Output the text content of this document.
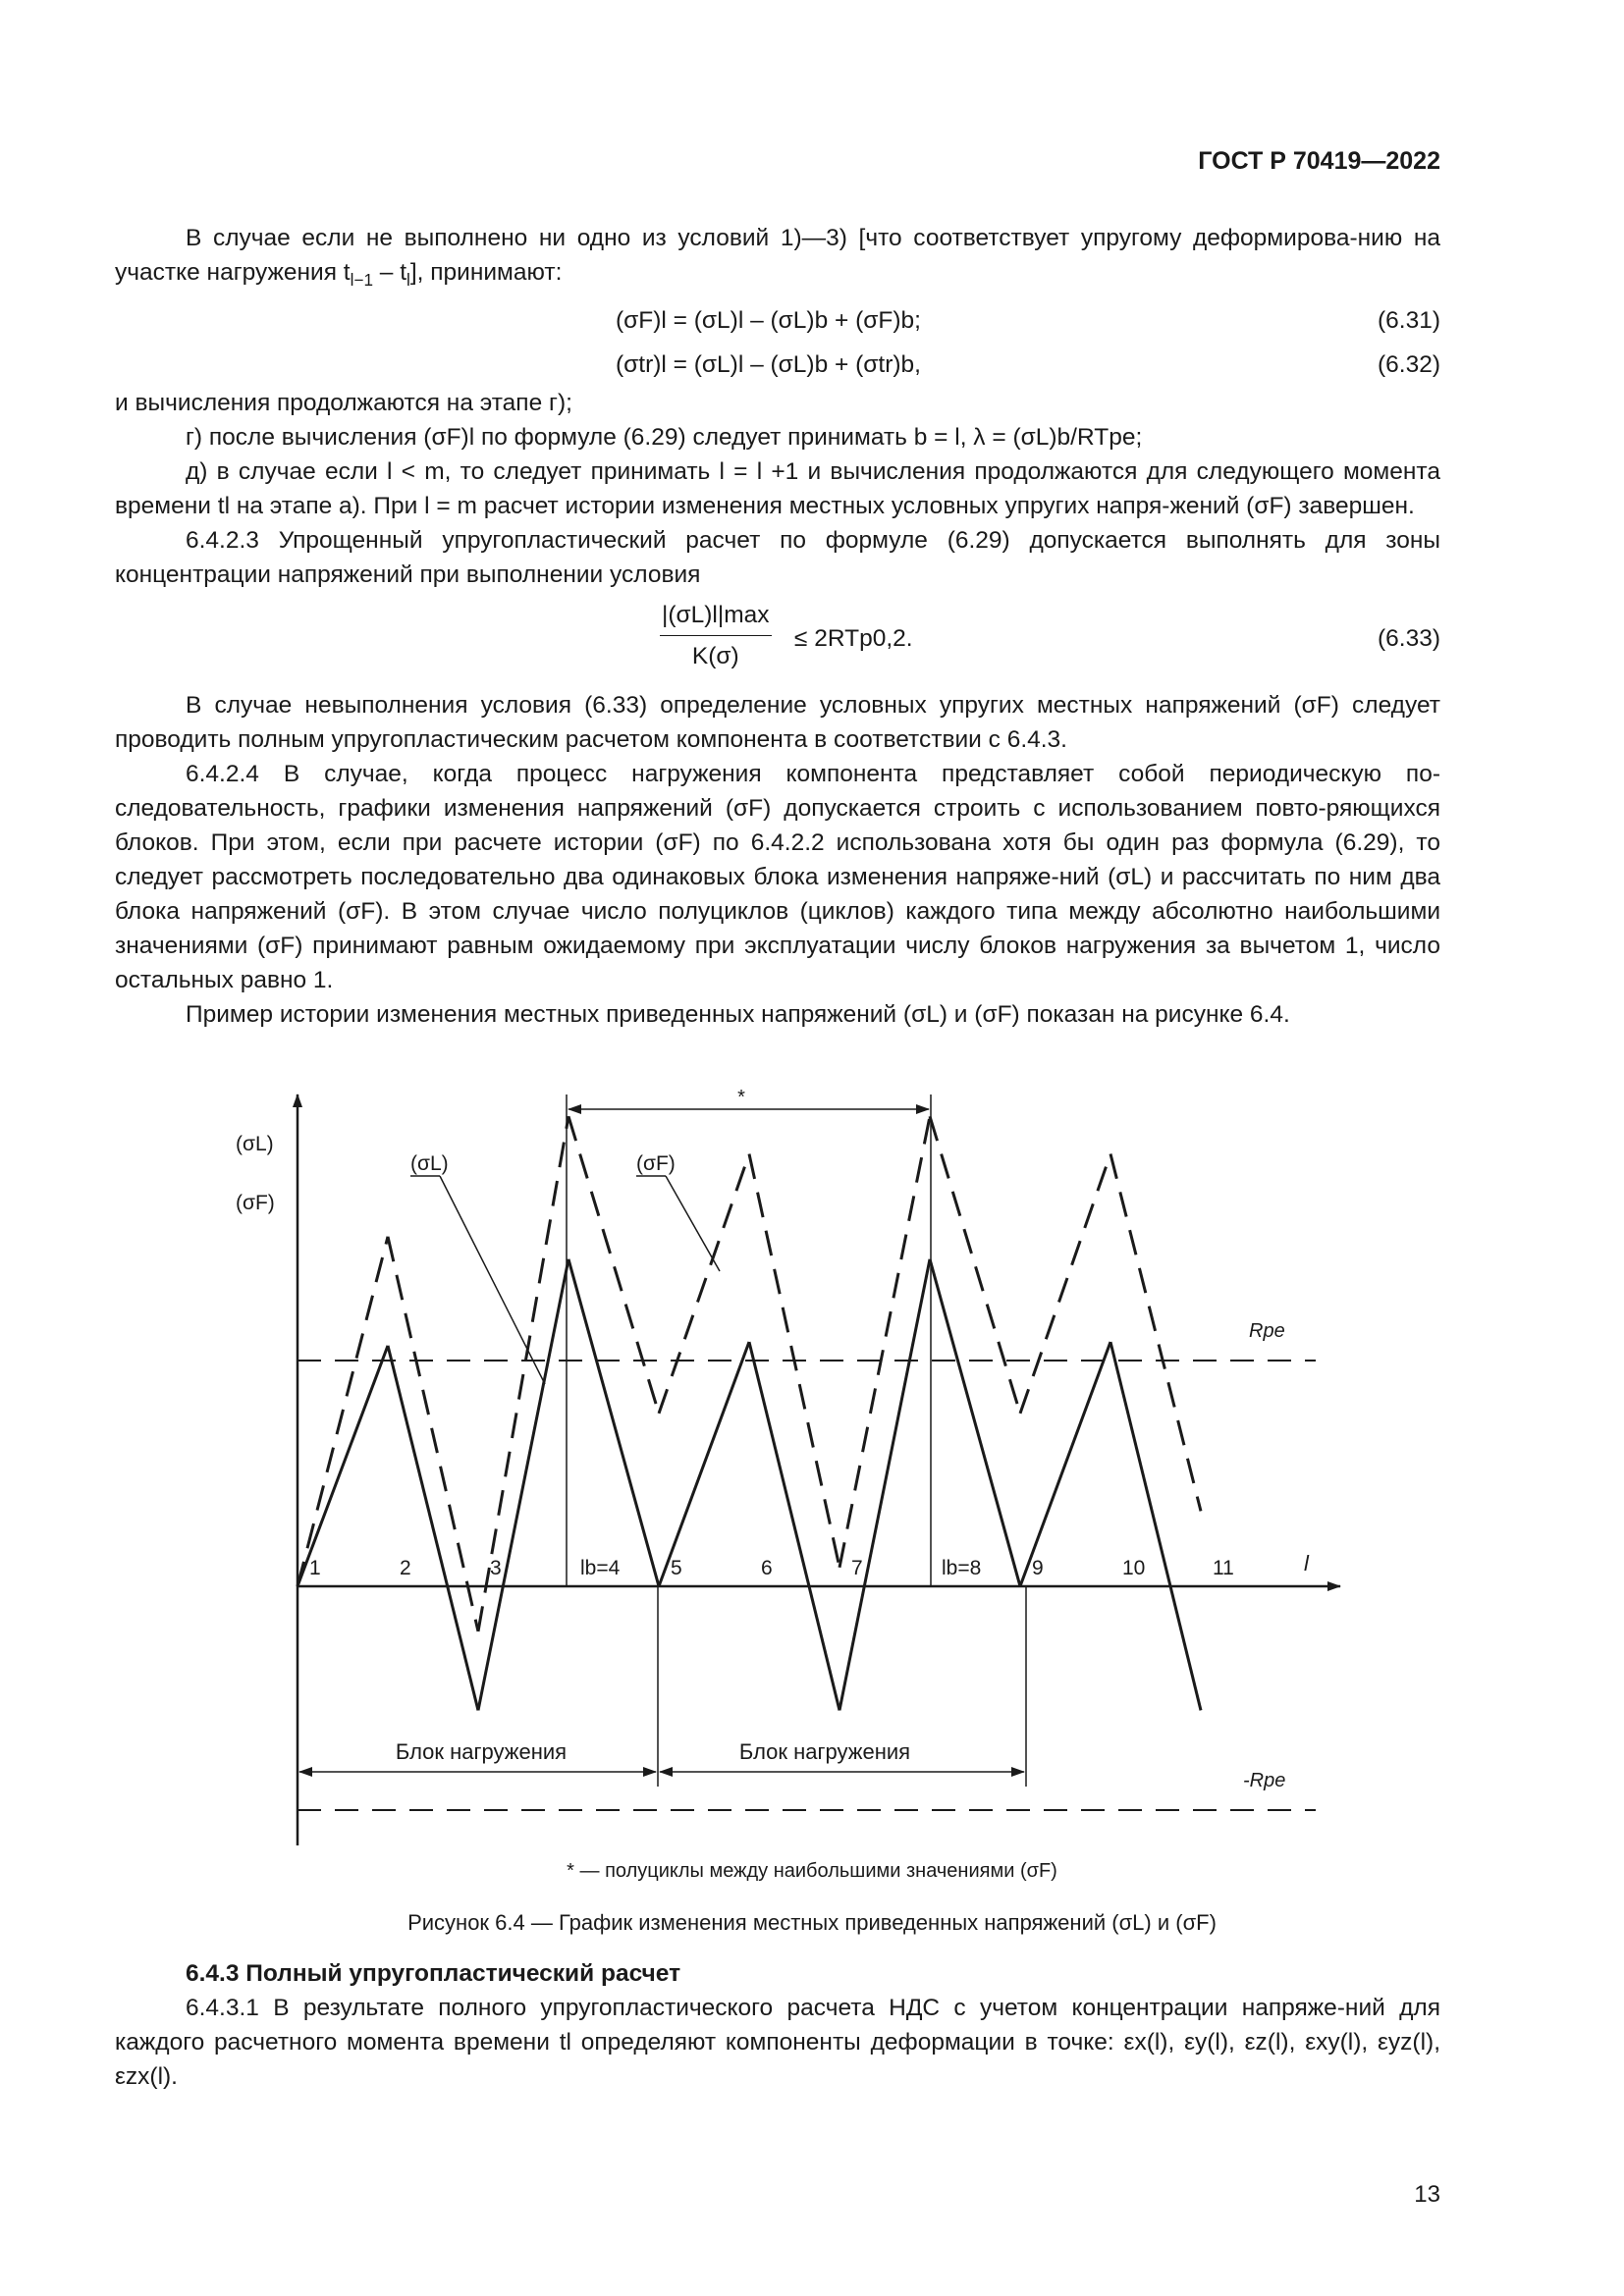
ГОСТ Р 70419—2022

В случае если не выполнено ни одно из условий 1)—3) [что соответствует упругому деформирова-нию на участке нагружения $t_{l-1} - t_l$], принимают:

(σF)l = (σL)l – (σL)b + (σF)b;	(6.31)
(σtr)l = (σL)l – (σL)b + (σtr)b,	(6.32)

и вычисления продолжаются на этапе г);

г) после вычисления (σF)l по формуле (6.29) следует принимать b = l, λ = (σL)b/RTpe;

д) в случае если l < m, то следует принимать l = l +1 и вычисления продолжаются для следующего момента времени tl на этапе а). При l = m расчет истории изменения местных условных упругих напря-жений (σF) завершен.

6.4.2.3 Упрощенный упругопластический расчет по формуле (6.29) допускается выполнять для зоны концентрации напряжений при выполнении условия

|(σL)l|max
K(σ)
≤ 2RTp0,2.	(6.33)

В случае невыполнения условия (6.33) определение условных упругих местных напряжений (σF) следует проводить полным упругопластическим расчетом компонента в соответствии с 6.4.3.

6.4.2.4 В случае, когда процесс нагружения компонента представляет собой периодическую по-следовательность, графики изменения напряжений (σF) допускается строить с использованием повто-ряющихся блоков. При этом, если при расчете истории (σF) по 6.4.2.2 использована хотя бы один раз формула (6.29), то следует рассмотреть последовательно два одинаковых блока изменения напряже-ний (σL) и рассчитать по ним два блока напряжений (σF). В этом случае число полуциклов (циклов) каждого типа между абсолютно наибольшими значениями (σF) принимают равным ожидаемому при эксплуатации числу блоков нагружения за вычетом 1, число остальных равно 1.

Пример истории изменения местных приведенных напряжений (σL) и (σF) показан на рисунке 6.4.

*
Блок нагружения	Блок нагружения
(σL)
(σF)
(σL)	(σF)
Rpe
-Rpe
l
1	2	3	lb=4 5	6	7	lb=8 9	10	11
* — полуциклы между наибольшими значениями (σF)
Рисунок 6.4 — График изменения местных приведенных напряжений (σL) и (σF)

6.4.3 Полный упругопластический расчет

6.4.3.1 В результате полного упругопластического расчета НДС с учетом концентрации напряже-ний для каждого расчетного момента времени tl определяют компоненты деформации в точке: εx(l), εy(l), εz(l), εxy(l), εyz(l), εzx(l).

13
